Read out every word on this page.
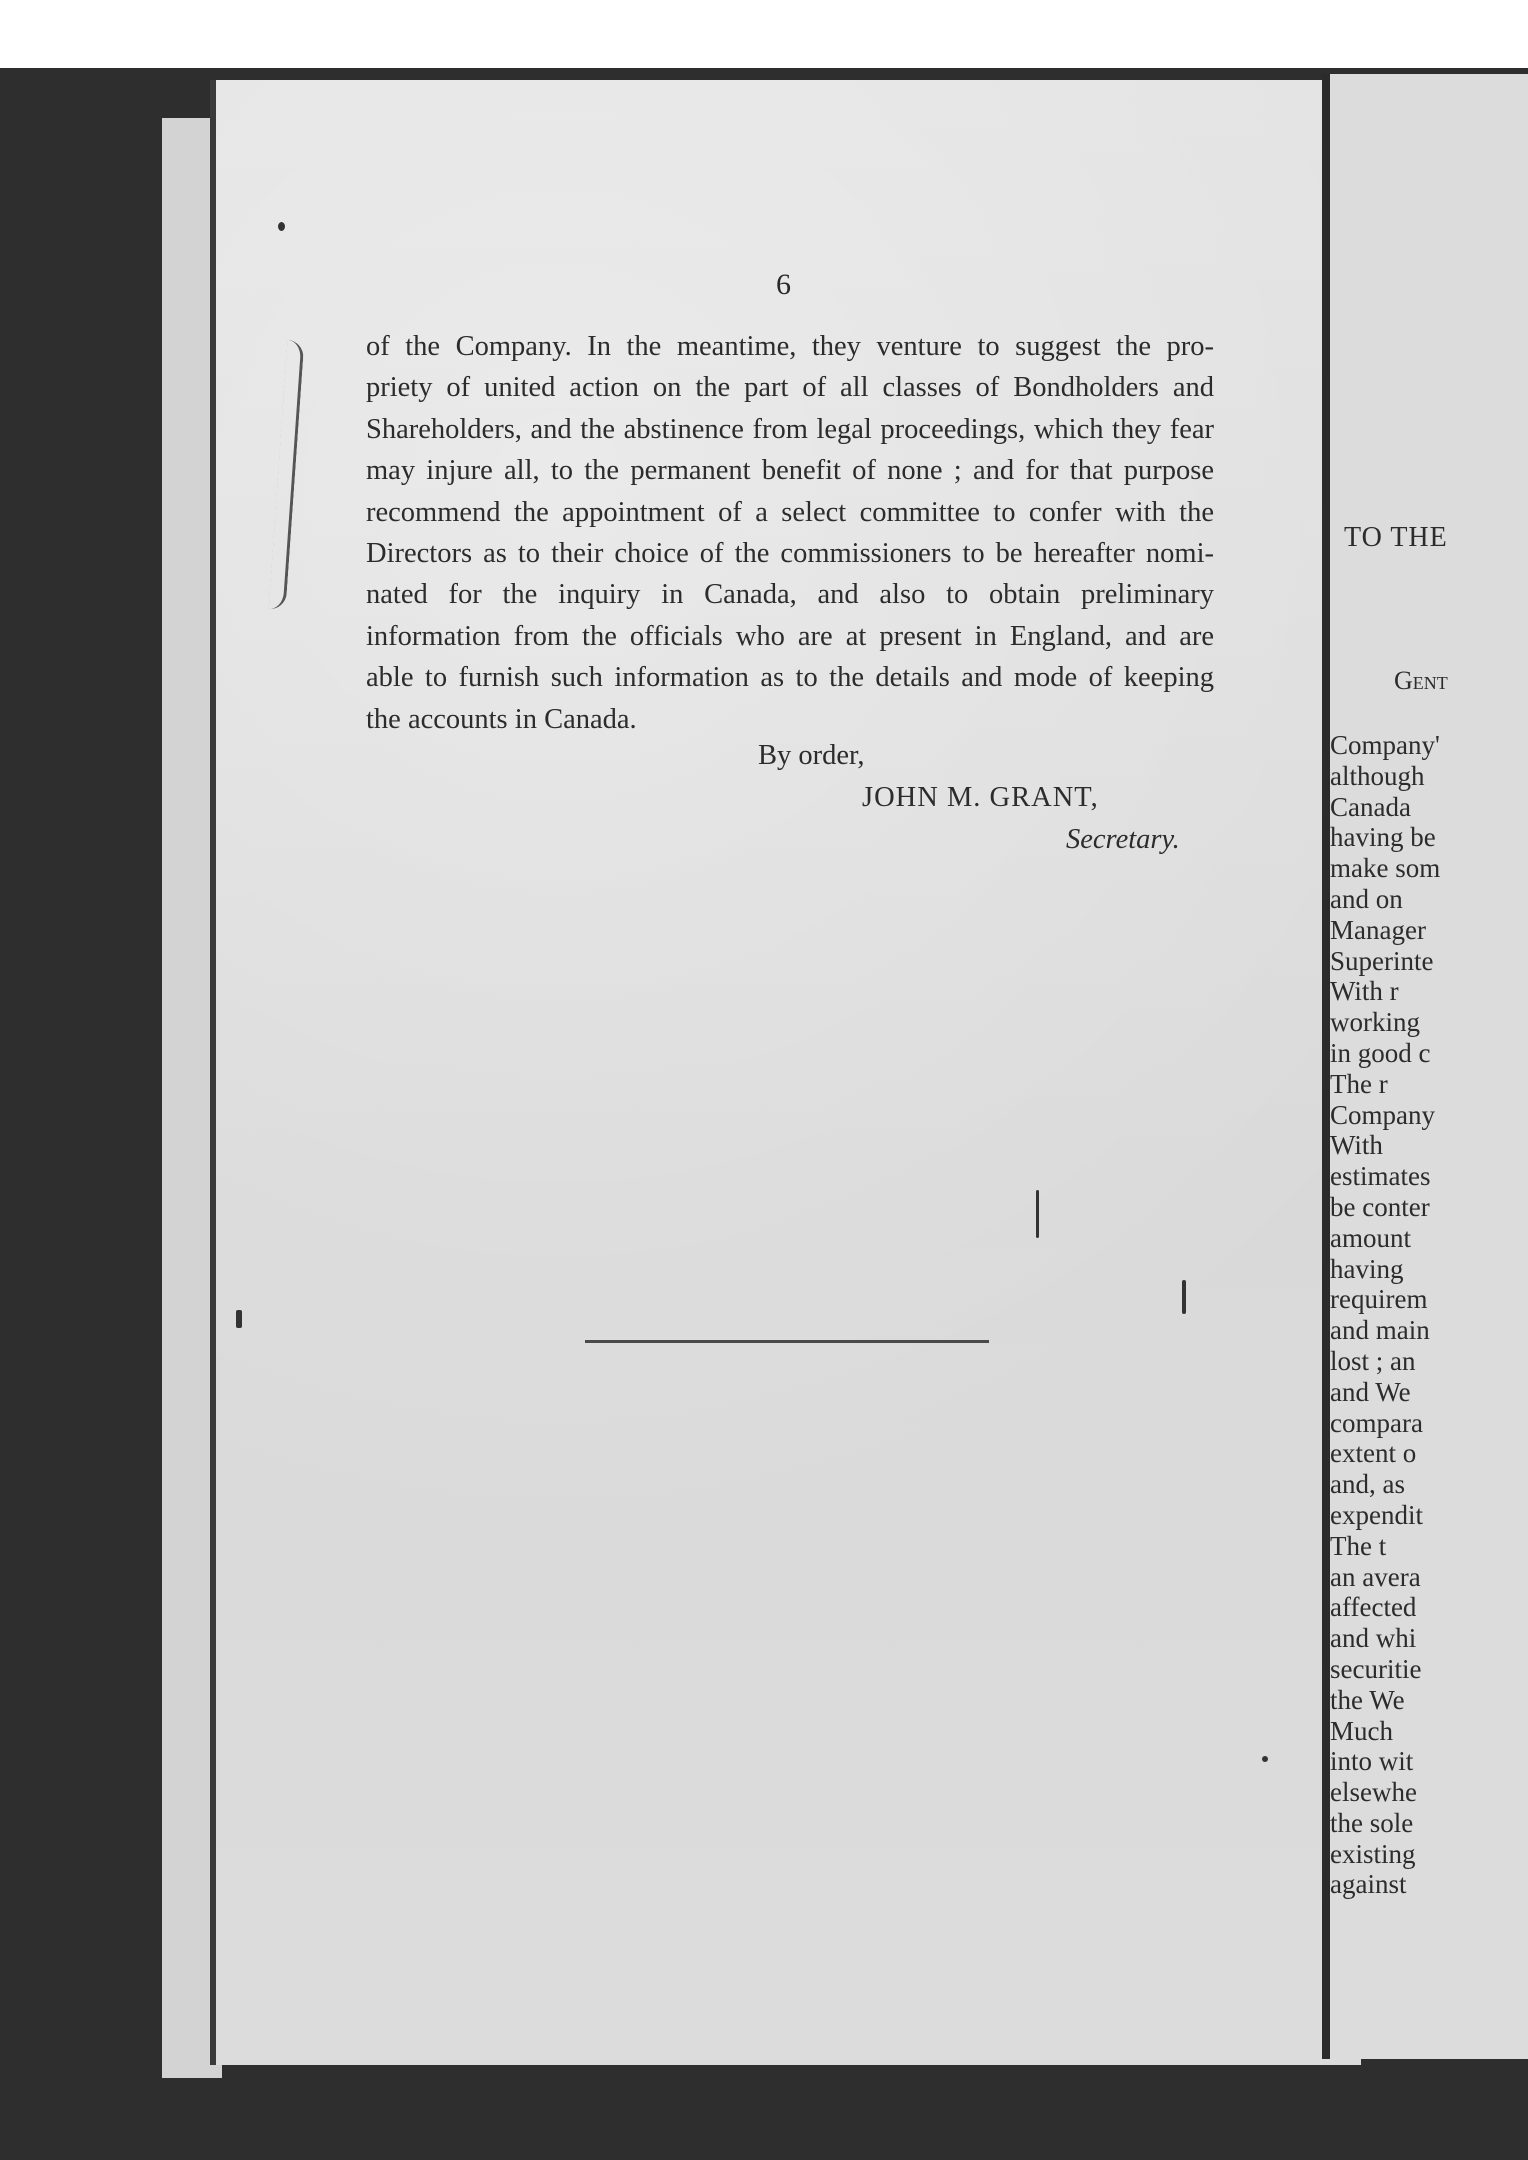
6
of the Company. In the meantime, they venture to suggest the pro-
priety of united action on the part of all classes of Bondholders and
Shareholders, and the abstinence from legal proceedings, which they fear
may injure all, to the permanent benefit of none ; and for that purpose
recommend the appointment of a select committee to confer with the
Directors as to their choice of the commissioners to be hereafter nomi-
nated for the inquiry in Canada, and also to obtain preliminary
information from the officials who are at present in England, and are
able to furnish such information as to the details and mode of keeping
the accounts in Canada.
By order,
JOHN M. GRANT,
Secretary.
TO THE
Gent
Company'
although
Canada
having be
make som
and on
Manager
Superinte
With r
working
in good c
The r
Company
With
estimates
be conter
amount
having
requirem
and main
lost ; an
and We
compara
extent o
and, as
expendit
The t
an avera
affected
and whi
securitie
the We
Much
into wit
elsewhe
the sole
existing
against
